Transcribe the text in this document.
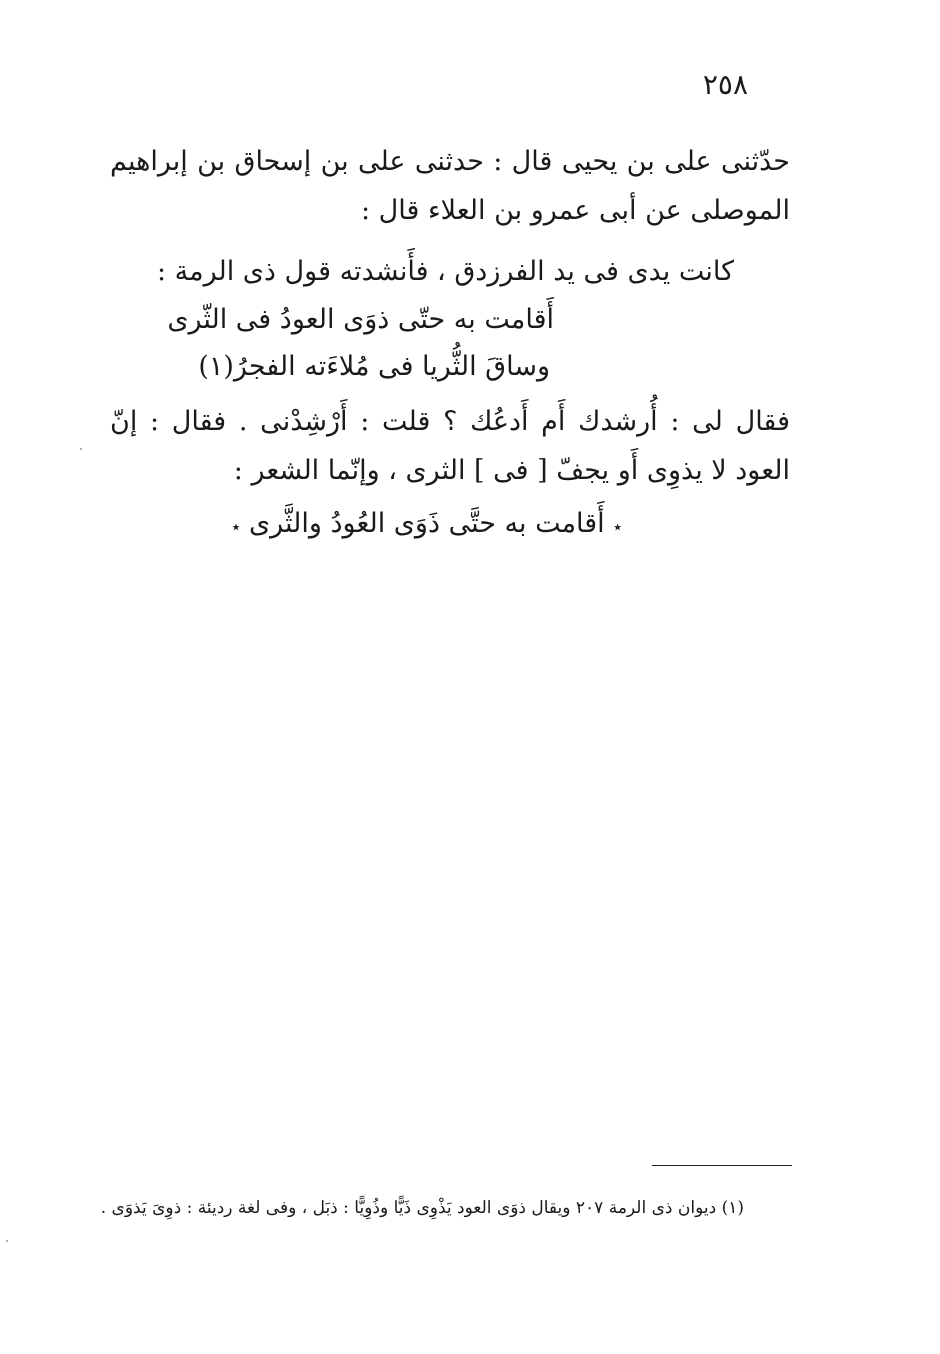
٢٥٨

حدّثنى على بن يحيى قال : حدثنى على بن إسحاق بن إبراهيم الموصلى عن أبى عمرو بن العلاء قال :

كانت يدى فى يد الفرزدق ، فأَنشدته قول ذى الرمة :
أَقامت به حتّى ذوَى العودُ فى الثّرى
وساقَ الثُّريا فى مُلاءَته الفجرُ(١)

فقال لى : أُرشدك أَم أَدعُك ؟ قلت : أَرْشِدْنى . فقال : إنّ العود لا يذوِى أَو يجفّ [ فى ] الثرى ، وإنّما الشعر :

٭ أَقامت به حتَّى ذَوَى العُودُ والثَّرى ٭
(١) ديوان ذى الرمة ٢٠٧ ويقال ذوَى العود يَذْوِى ذَيًّا وذُوِيًّا : ذبَل ، وفى لغة رديئة : ذوِىَ يَذوَى .
